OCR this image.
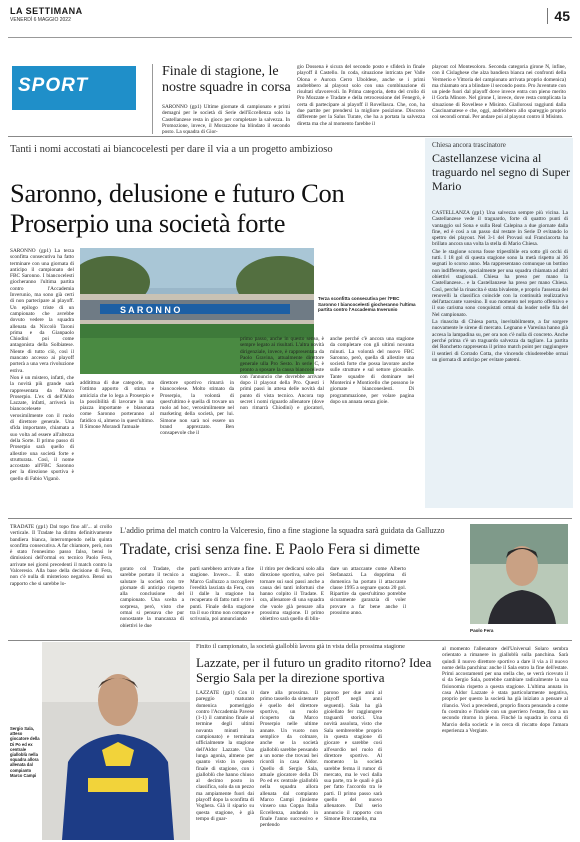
LA SETTIMANA
VENERDÌ 6 MAGGIO 2022	45
SPORT
Finale di stagione, le nostre squadre in corsa

SARONNO (gp1) Ultime giornate di campionato e primi demagni per le società di Serie dell'Eccellenza solo la Castellanzese resta in gioco per completare la salvezza. In Promozione, invece, il Morazzone ha blindato il secondo posto. La squadra di Gior-

gio Dossena è sicura del secondo posto e sfiderà in finale playoff il Castello. In coda, situazione intricata per Valle Olona e Aurora Cerro Uboldese, anche se i primi andrebbero ai playout solo con una combinazione di risultati sfavorevoli. In Prima categoria, detto del crollo di Pro Mozzate e Tradate e della retrocessione del Fenegrò, è certa di partecipare ai playoff il Rovellasca. Che, con, ha due partite per prendersi la migliore posizione. Discorso differente per la Salus Turate, che ha a portata la salvezza diretta ma che al momento farebbe il

playout col Montesoloro. Seconda categoria girone N, infine, con il Cislaghese che alza bandiera bianca nei confronti della Vermerio e Vittoria del campionato arrivata proprio domenica) ma chiamato ora a blindare il secondo posto. Pro Juventute con un piede fuori dal playoff dove invece entra con pieno merito il Gorla Minore. Nel girone I, invece, dove resta complicata la situazione di Rovellese e Misinto. Giallorossi raggiunti dalla Cascinamatese e che, oggi, andrebbero allo spareggio proprio coi secondi ormai. Per andare poi al playout contro il Misinto.

Tanti i nomi accostati ai biancocelesti per dare il via a un progetto ambizioso
Saronno, delusione e futuro Con Proserpio una società forte

SARONNO (gp1) La terza sconfitta consecutiva ha fatto terminare con una giornata di anticipo il campionato del FBC Saronno. I biancocelesti giocheranno l'ultima partita contro l'Accademia Inverunio, ma sono già certi di non partecipare ai playoff. Un epilogo triste di un campionato che avrebbe dovuto vedere la squadra allenata da Niccolò Taroni prima e da Gianpaolo Chiodini poi come antagonista della Solbiatese. Niente di tutto ciò, così il mancato accesso ai playoff porterà a una vera rivoluzione estiva.

Non è un mistero, infatti, che la novità più grande sarà rappresentata da Marco Proserpio. L'ex di dell'Aldo Lazzate, infatti, arriverà in biancocelesete verosimilmente con il ruolo di direttore generale. Una sfida importante, chiamata a suo volta ad essere all'altezza della Sorte. Il primo passo di Proserpio sarà quello di allestire una società forte e strutturata. Così, il nome accostato all'FBC Saronno per la direzione sportiva è quello di Fabio Viganò.

S A R O N N O
Terza sconfitta consecutiva per l'FBC Saronno I biancocelesti giocheranno l'ultima partita contro l'Accademia Inverunio

additittua di due categorie, ma l'ottimo apporto di stima e amicizia che lo lega a Proserpio e la possibilità di lavorare in una piazza importante e blasonata come Saronno porteranno al fatidico sì, almeno in quest'ultimo. Il Simone Morandi l'amuale

direttore sportivo rimarrà in biancocelese. Molto stimato da Proserpio, la volontà di quest'ultimo è quella di trovare un ruolo ad hoc, verosimilmente nel marketing della società, per lui. Simone non sarà noi essere un brand apprezzato. Ben consapevole che il

primo passo, anche in questo senso, è sempre legato ai risultati. L'altra novità dirigenziale, invece, è rappresentata da Paolo Gravina, attualmente direttore generale ulla Pro Sesto. In serie C, è pronto a sposare la causa biancoceleste con l'annuncio che dovrebbe arrivare dopo il playout della Pro. Questi i primi passi in attesa delle novità dal punto di vista tecnico. Ancora top secret i nomi riguardo allenatore (dove non rimarrà Chiodini) e giocatori, anche perché c'è ancora una stagione da completare con gli ultimi novanta minuti. La volontà del nuovo FBC Saronno, però, quella di allestire una società forte che possa lavorare anche sulle strutture e sul settore giovanile. Tante squadre di dominare nel Monterini e Monticello che possono le giornate bianconeslesti. Di programmazione, per volare pagina dopo un annata senza gioie.

Chiesa ancora trascinatore
Castellanzese vicina al traguardo nel segno di Super Mario

CASTELLANZA (gp1) Una salvezza sempre più vicina. La Castellanzese vede il traguardo, forte di quattro punti di vantaggio sul Sona e sulla Real Calepina a due giornate dalla fine, ed è così a un passo dal restare in Serie D evitando lo spettro dei playout. Nel 3-1 del Provasi sul Franciacorta ha brillato ancora una volta la stella di Mario Chiesa.

Che le stagione scorsa fosse tripestibile era sotto gli occhi di tutti. I 18 gol di questa stagione sono la metà rispetto ai 36 segnati lo scorso anno. Ma rappresentano comunque un bottino non indifferente, specialmente per una squadra chiamata ad altri obiettivi stagionali. Chiesa ha preso per mano la Castellanzese... e la Castellanzese ha preso per mano Chiesa. Così, perché la rinascita è stata bivalente, e proprio l'assenza del renovelli la classifica coincide con la continuità realizzativa dell'attaccante varesino. Il suo momento nel reparto offensivo e il suo carisma sono conquistati ormai da leader nelle fila del Nel campionato.

La rinascita di Chiesa porta, inevitabilmente, a far sorgere nuovamente le sirene di mercato. Legnano e Varesina hanno già accesa la lampadina su, per ora non c'è nulla di concreto. Anche perché prima c'è un traguardo salvezza da tagliare. La partita del Ronchetto rappresenta il primo match point per raggiungere il sentieri di Corrado Cotta, che vincendo chiudereebbe ormai un giornata di anticipo per evitare patemi.

TRADATE (gp1) Dal topo fino all'... al crollo verticale. Il Tradate ha diritto definitivamente bandiera bianca, interrompendo nella quinta sconfitta consecutiva. A far chiamore, però, non è stato l'ennesimo passo falso, bensì le dimissioni dell'ormai ex tecnico Paolo Fera, arrivate nei giorni precedenti il match contro la Valceresio. Alla base della decisione di Fera, non c'è nulla di misterioso negativo. Bensì un rapporto che si sarebbe lo-

L'addio prima del match contro la Valceresio, fino a fine stagione la squadra sarà guidata da Galluzzo
Tradate, crisi senza fine. E Paolo Fera si dimette

gorato col Tradate, che sarebbe portato il tecnico a salutare la società con tre giornate di anticipo rispetto alla conclusione del campionato. Una scelta a sorpresa, però, visto che ormai si pensava che pur nonostante la mancanza di obiettivi le due

parti sarebbero arrivate a fine stagione. Invece... È stato Marco Galluzzo a raccogliere l'eredità lasciata da Fera, con il dalle la stagione ha recuperato di fatto tutti e tre i punti. Finale della stagione tra il suo ritmo non compare e scrivania, poi annunciando

il ritiro per dedicarsi solo alla direzione sportiva, salvo poi tornare sui suoi passi anche a causa dei tanti infortuni che hanno colpito il Tradate. E ora, allenatore di una squadra che vuole già pensare alla prossima stagione. Il primo obiettivo sarà quello di blin-

dare un attaccante come Alberto Stefanazzi. La dopprima di domenica ha portato il attaccante classe 1995 a segnare quota 20 gol. Ripartire da quest'ultimo potrebbe sicuramente garanzia di voler provare a far bene anche il prossimo anno.

Paolo Fera
Sergio Sala, atteso giocatore della Di Po ed ex centrale gialloblù nella squadra allora allenata dal compianto Marco Campi
Finito il campionato, la società gialloblù lavora già in vista della prossima stagione
Lazzate, per il futuro un gradito ritorno? Idea Sergio Sala per la direzione sportiva

LAZZATE (gp1) Con il pareggio maturato domenica pomeriggio contro l'Accademia Pavese (1-1) il cammino finale al termine degli ultimi novanta minuti in campionato) e terminata ufficialmente la stagione dell'Aldor Lazzate. Una lunga agonia, almeno per quanto visto in questo finale di stagione, con i gialloblù che hanno chiuso al decimo posto in classifica, solo da un pezzo ma ampiamente fuori dai playoff dopo la sconfitta di Voghera. Già il sipario su questa stagione, è già tempo di guar-

dare alla prossima. Il primo tassello da sistemare è quello del direttore sportivo, un ruolo ricoperto da Marco Proserpio nelle ultime annate. Un vuoto non semplice da colmare, anche se la società gialloblù sarebbe pensando a un nome che trovasi bei ricordi in casa Aldor. Quello di Sergio Sala, attuale giocatore della Di Po ed ex centrale gialloblù nella squadra allora allenata dal compianto Marco Campi (insieme vinsero una Coppa Italia Eccellenza, andando in finale l'anno successivo e perdendo

parono per due anni al playoff negli anni seguenti). Sala ha già gioiellato fer raggiungere traguardi storici. Una novità assoluta, visto che Sala sembrerebbe proprio in questa stagione di giocare e sarebbe così all'esordio nel ruolo di direttore sportivo. Al momento la società sarebbe ferma il rumor di mercato, ma le voci dalla sua parte, tra le quali è già per fatto l'accordo tra le parti. Il primo passo sarà quello del nuovo allenatore. Dal serio annuncio il rapporto con Simone Broccanello, ma

al momento l'allenatore dell'Universal Solaro sembra orientato a rimanere in gialloblù sulla panchina. Sarà quindi il nuovo direttore sportivo a dare il via a il nuovo nome della panchina: anche il Sala entro la fine dell'estate. Primi accostamenti per una stella che, se verrà ricevuto il sì da Sergio Sala, potrebbe cambiare radicalmente la sua fisionomia rispetto a questa stagione. L'ultima annata in casa Aldor Lazzate è stata particolarmente negativa, proprio per questo la società ha già iniziato a pensare al rilancio. Voci a precedenti, proprio finora pensando a come fu costruito e l'indole con un guerriero l'estate, fino a un secondo ritorno in pieno. Finché la squadra in corsa di Marcio della società: e in cerca di riscatto dopo l'amara esperienza a Vergiate.
